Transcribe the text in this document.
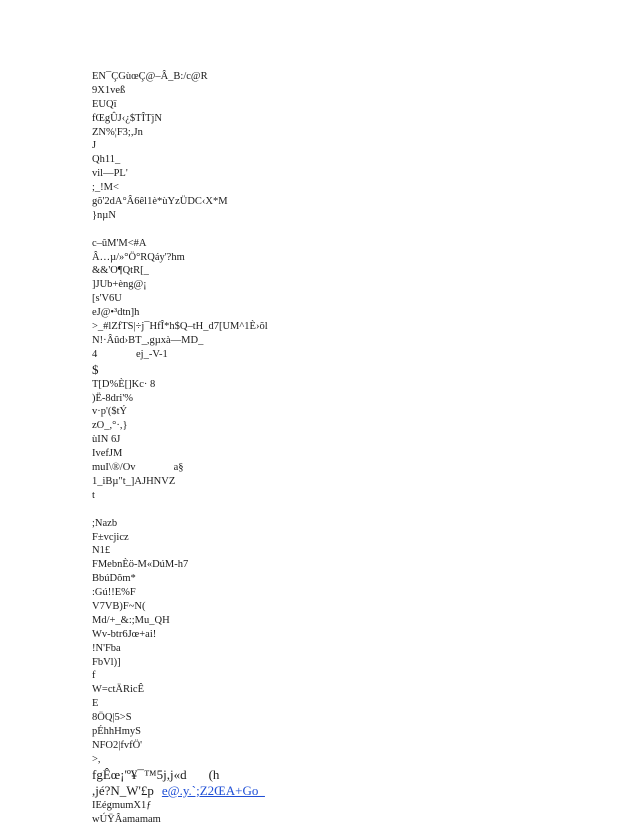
EN¯ÇGùœÇ@–Â_B:/c@R
9X1veß
EUQï
fŒgÛJ‹¿$TÎTjN
ZN%¦F3;,Jn
J
Qh11_
vil—PL'
;_!M<
gõ'2dA°Â6êl1è*ùYzÜDC‹X*M
}nµN
c–ûM'M<#A
Â…µ/»°Ö°RQáy'?hm
&&'O¶QtR[_
]JUb+èng@¡
[s'V6U
eJ@•³dtn]h
>_#lZfTS|÷j¯HfÎ*h$Q–tH_d7[UM^1È›õl
N!·Âûd›BT_,gµxà—MD_
4	ej_-V-1
$
T[D%È[]Kc· 8
)Ë-8dri'%
v·p'($tÝ
zO_,°·,}
ùIN 6J
IvefJM
muI\®/Ov	a§
1_iBµ"t_]AJHNVZ
t
;Nazb
F±vcjicz
N1£
FMebnÈö-M«DúM-h7
BbúDõm*
:Gú!!E%F
V7VB)F~N(
Md/+_&:;Mu_QH
Wv-btr6Jœ+ai!
!N'Fba
FbVl)]
f
W=ctÄRicÊ
E
8ÖQ|5>S
pÉhhHmyS
NFO2|fvfÖ'
>,
fgÊœ¡'º¥¯™5j,j«d (h
,jé?N_W'£p e@.y.`;Z2ŒA+Go_
IEégmumX1ƒ
wÚŸÂamamam
